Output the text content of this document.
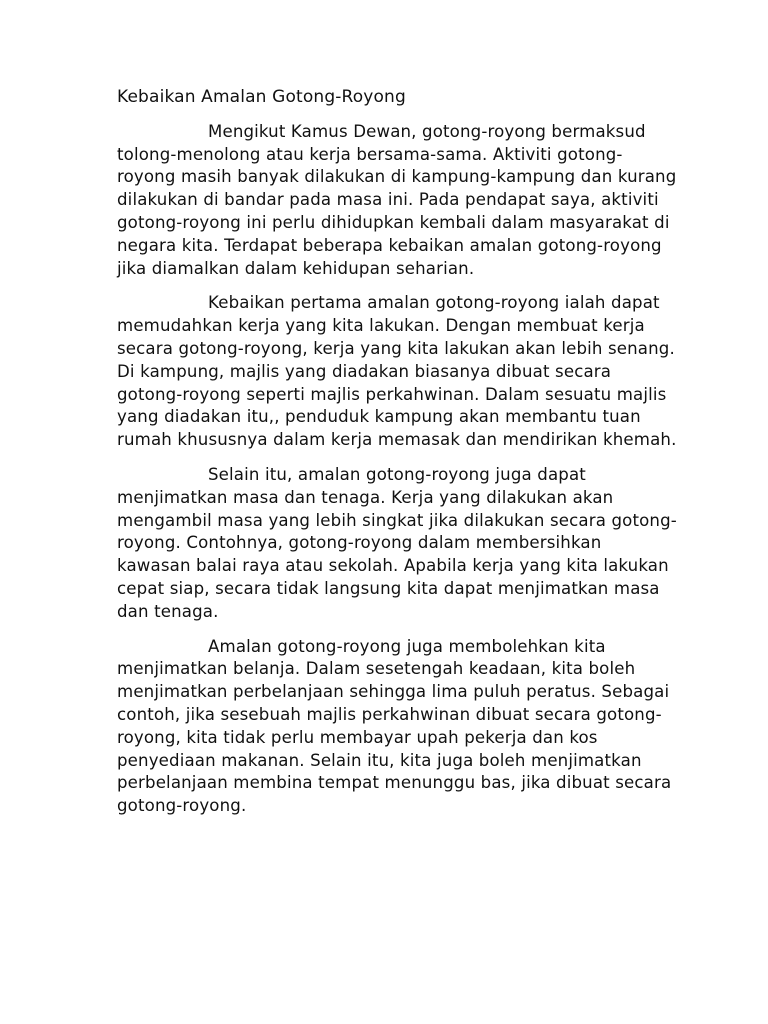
Kebaikan Amalan Gotong-Royong

Mengikut Kamus Dewan, gotong-royong bermaksud tolong-menolong atau kerja bersama-sama. Aktiviti gotong-royong masih banyak dilakukan di kampung-kampung dan kurang dilakukan di bandar pada masa ini. Pada pendapat saya, aktiviti gotong-royong ini perlu dihidupkan kembali dalam masyarakat di negara kita. Terdapat beberapa kebaikan amalan gotong-royong jika diamalkan dalam kehidupan seharian.

Kebaikan pertama amalan gotong-royong ialah dapat memudahkan kerja yang kita lakukan. Dengan membuat kerja secara gotong-royong, kerja yang kita lakukan akan lebih senang. Di kampung, majlis yang diadakan biasanya dibuat secara gotong-royong seperti majlis perkahwinan. Dalam sesuatu majlis yang diadakan itu,, penduduk kampung akan membantu tuan rumah khususnya dalam kerja memasak dan mendirikan khemah.

Selain itu, amalan gotong-royong juga dapat menjimatkan masa dan tenaga. Kerja yang dilakukan akan mengambil masa yang lebih singkat jika dilakukan secara gotong-royong. Contohnya, gotong-royong dalam membersihkan kawasan balai raya atau sekolah. Apabila kerja yang kita lakukan cepat siap, secara tidak langsung kita dapat menjimatkan masa dan tenaga.

Amalan gotong-royong juga membolehkan kita menjimatkan belanja. Dalam sesetengah keadaan, kita boleh menjimatkan perbelanjaan sehingga lima puluh peratus. Sebagai contoh, jika sesebuah majlis perkahwinan dibuat secara gotong-royong, kita tidak perlu membayar upah pekerja dan kos penyediaan makanan. Selain itu, kita juga boleh menjimatkan perbelanjaan membina tempat menunggu bas, jika dibuat secara gotong-royong.
